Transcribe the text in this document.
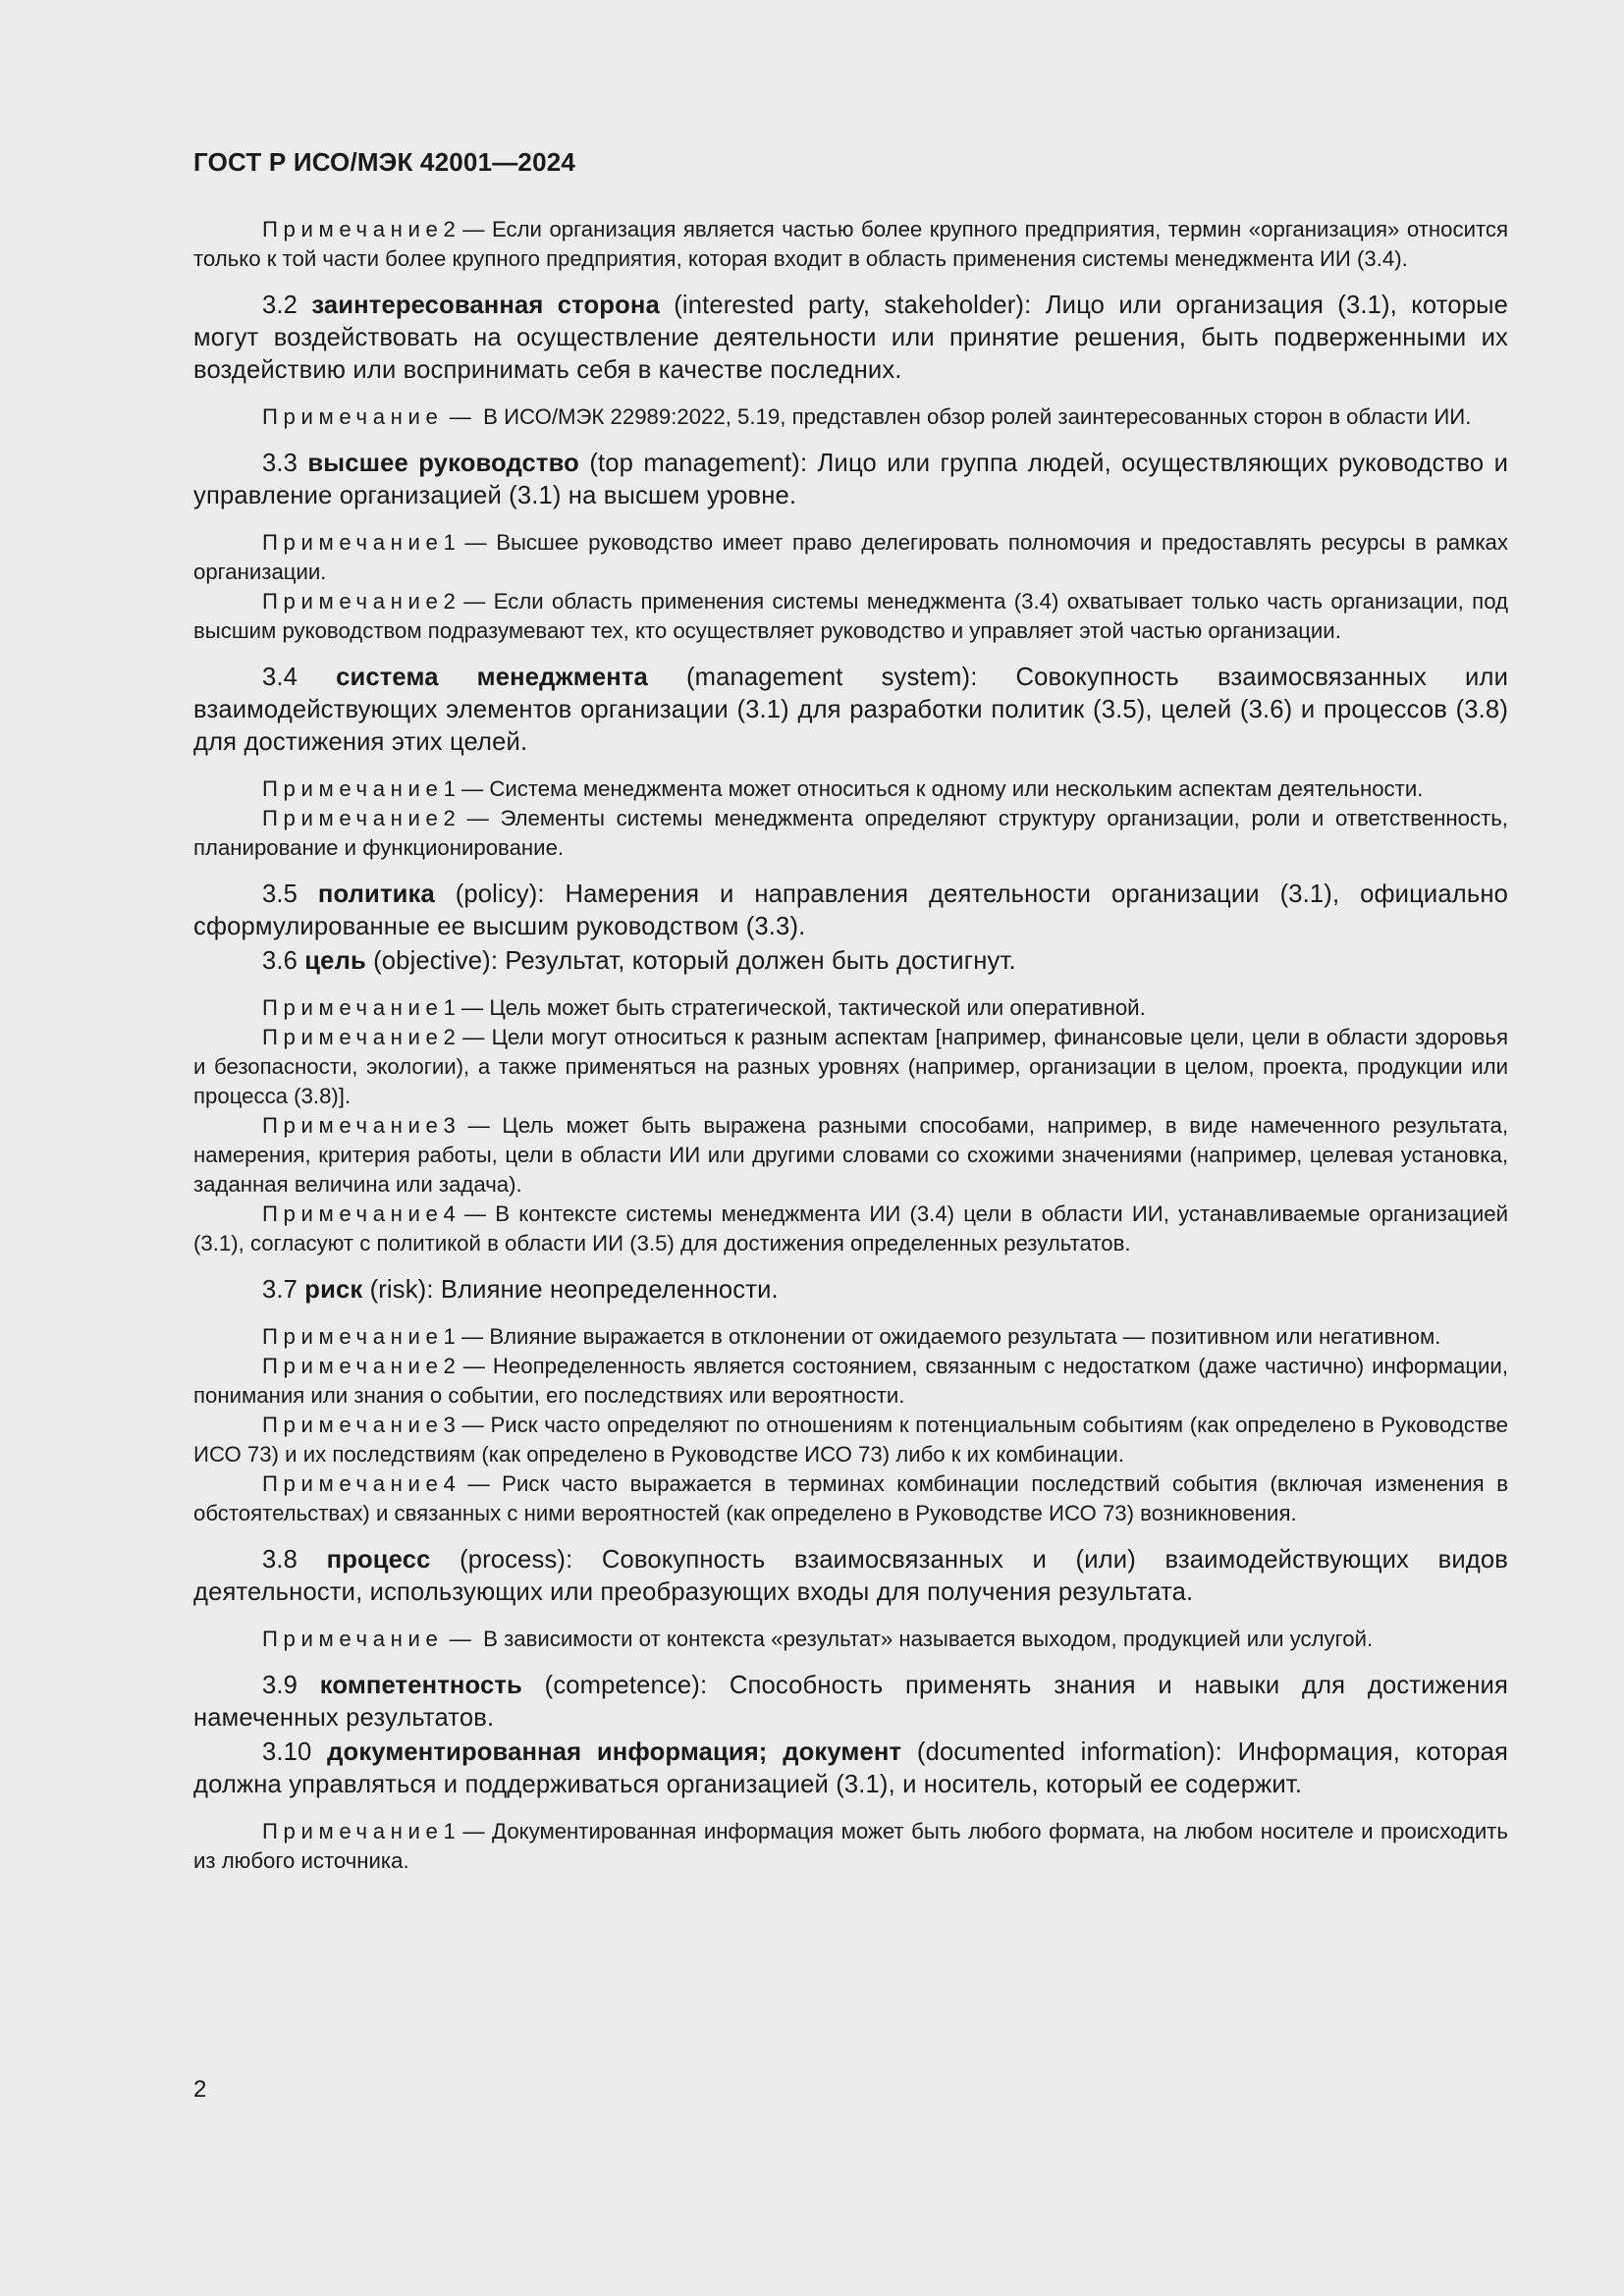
ГОСТ Р ИСО/МЭК 42001—2024

Примечание2 — Если организация является частью более крупного предприятия, термин «организация» относится только к той части более крупного предприятия, которая входит в область применения системы менеджмента ИИ (3.4).

3.2 заинтересованная сторона (interested party, stakeholder): Лицо или организация (3.1), которые могут воздействовать на осуществление деятельности или принятие решения, быть подверженными их воздействию или воспринимать себя в качестве последних.

Примечание —  В ИСО/МЭК 22989:2022, 5.19, представлен обзор ролей заинтересованных сторон в области ИИ.

3.3 высшее руководство (top management): Лицо или группа людей, осуществляющих руководство и управление организацией (3.1) на высшем уровне.

Примечание1 — Высшее руководство имеет право делегировать полномочия и предоставлять ресурсы в рамках организации.

Примечание2 — Если область применения системы менеджмента (3.4) охватывает только часть организации, под высшим руководством подразумевают тех, кто осуществляет руководство и управляет этой частью организации.

3.4 система менеджмента (management system): Совокупность взаимосвязанных или взаимодействующих элементов организации (3.1) для разработки политик (3.5), целей (3.6) и процессов (3.8) для достижения этих целей.

Примечание1 — Система менеджмента может относиться к одному или нескольким аспектам деятельности.

Примечание2 — Элементы системы менеджмента определяют структуру организации, роли и ответственность, планирование и функционирование.

3.5 политика (policy): Намерения и направления деятельности организации (3.1), официально сформулированные ее высшим руководством (3.3).

3.6 цель (objective): Результат, который должен быть достигнут.

Примечание1 — Цель может быть стратегической, тактической или оперативной.

Примечание2 — Цели могут относиться к разным аспектам [например, финансовые цели, цели в области здоровья и безопасности, экологии), а также применяться на разных уровнях (например, организации в целом, проекта, продукции или процесса (3.8)].

Примечание3 — Цель может быть выражена разными способами, например, в виде намеченного результата, намерения, критерия работы, цели в области ИИ или другими словами со схожими значениями (например, целевая установка, заданная величина или задача).

Примечание4 — В контексте системы менеджмента ИИ (3.4) цели в области ИИ, устанавливаемые организацией (3.1), согласуют с политикой в области ИИ (3.5) для достижения определенных результатов.

3.7 риск (risk): Влияние неопределенности.

Примечание1 — Влияние выражается в отклонении от ожидаемого результата — позитивном или негативном.

Примечание2 — Неопределенность является состоянием, связанным с недостатком (даже частично) информации, понимания или знания о событии, его последствиях или вероятности.

Примечание3 — Риск часто определяют по отношениям к потенциальным событиям (как определено в Руководстве ИСО 73) и их последствиям (как определено в Руководстве ИСО 73) либо к их комбинации.

Примечание4 — Риск часто выражается в терминах комбинации последствий события (включая изменения в обстоятельствах) и связанных с ними вероятностей (как определено в Руководстве ИСО 73) возникновения.

3.8 процесс (process): Совокупность взаимосвязанных и (или) взаимодействующих видов деятельности, использующих или преобразующих входы для получения результата.

Примечание —  В зависимости от контекста «результат» называется выходом, продукцией или услугой.

3.9 компетентность (competence): Способность применять знания и навыки для достижения намеченных результатов.

3.10 документированная информация; документ (documented information): Информация, которая должна управляться и поддерживаться организацией (3.1), и носитель, который ее содержит.

Примечание1 — Документированная информация может быть любого формата, на любом носителе и происходить из любого источника.

2
